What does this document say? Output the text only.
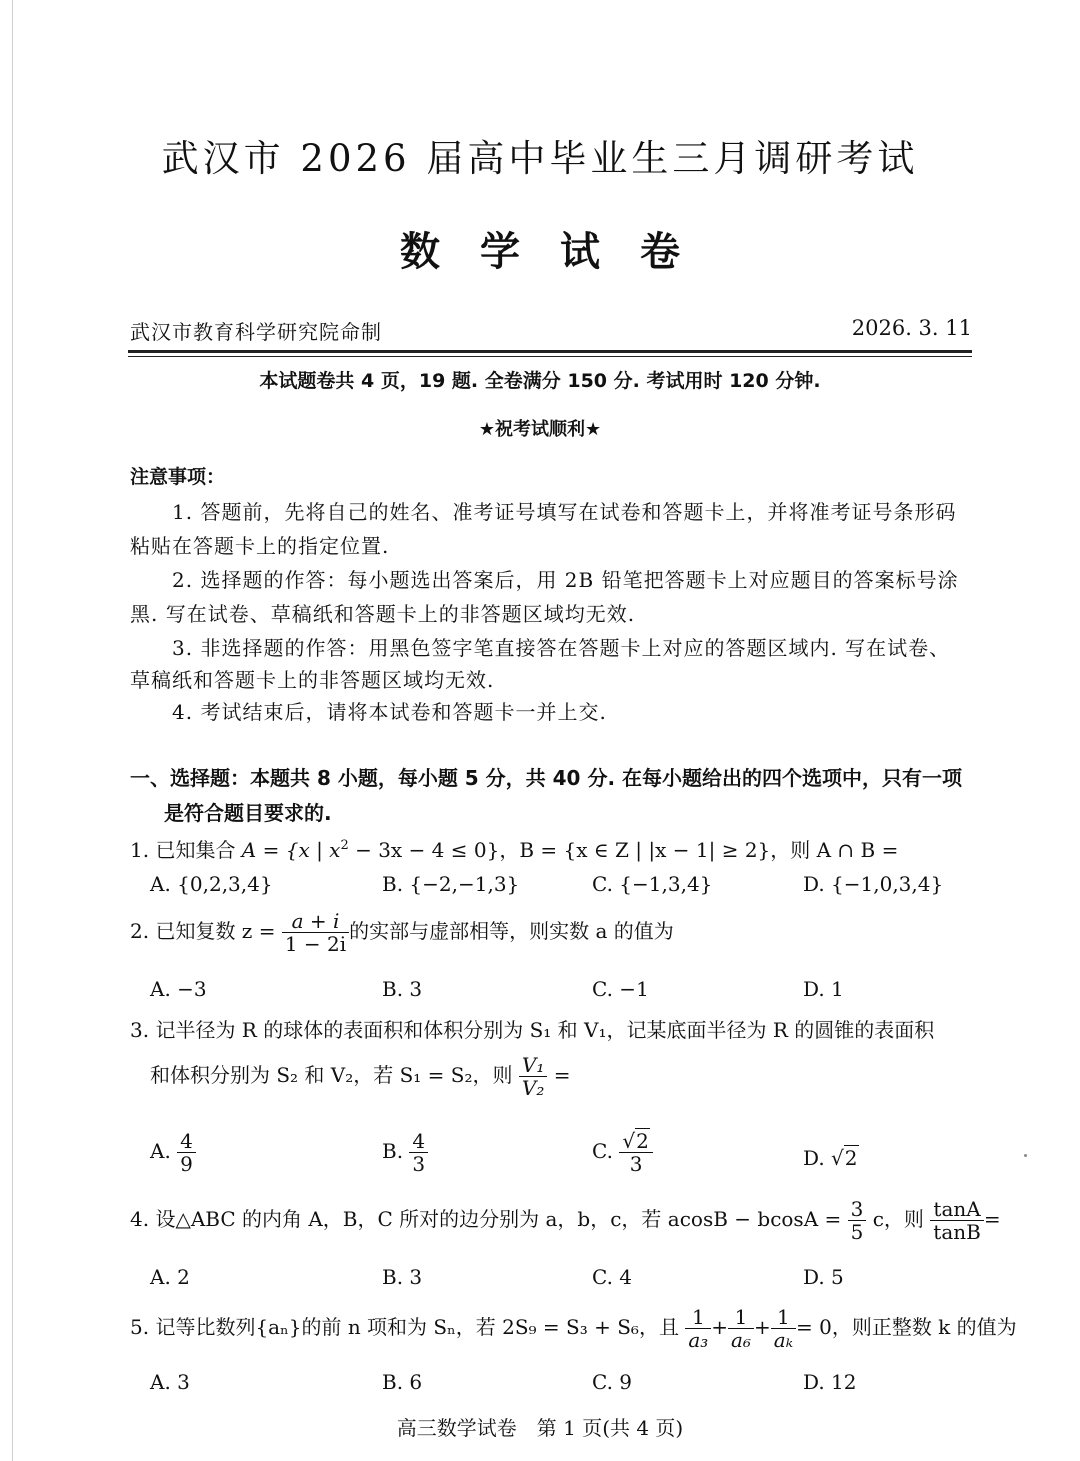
武汉市 2026 届高中毕业生三月调研考试
数学试卷
武汉市教育科学研究院命制	2026. 3. 11
本试题卷共 4 页，19 题. 全卷满分 150 分. 考试用时 120 分钟.
★祝考试顺利★
注意事项：
1. 答题前，先将自己的姓名、准考证号填写在试卷和答题卡上，并将准考证号条形码
粘贴在答题卡上的指定位置.
2. 选择题的作答：每小题选出答案后，用 2B 铅笔把答题卡上对应题目的答案标号涂
黑. 写在试卷、草稿纸和答题卡上的非答题区域均无效.
3. 非选择题的作答：用黑色签字笔直接答在答题卡上对应的答题区域内. 写在试卷、
草稿纸和答题卡上的非答题区域均无效.
4. 考试结束后，请将本试卷和答题卡一并上交.
一、选择题：本题共 8 小题，每小题 5 分，共 40 分. 在每小题给出的四个选项中，只有一项
是符合题目要求的.
1. 已知集合 A = {x | $x^2 - 3x - 4 \le 0$}，B = {x ∈ Z | |x − 1| ≥ 2}，则 A ∩ B =
A. {0,2,3,4}	B. {−2,−1,3}	C. {−1,3,4}	D. {−1,0,3,4}
2. 已知复数 $z = \frac{a + i}{1 - 2i}$ 的实部与虚部相等，则实数 a 的值为
A. −3	B. 3	C. −1	D. 1
3. 记半径为 R 的球体的表面积和体积分别为 S₁ 和 V₁，记某底面半径为 R 的圆锥的表面积
和体积分别为 S₂ 和 V₂，若 S₁ = S₂，则 $\frac{\text{V₁}}{\text{V₂}}$ =
A. $\frac{4}{9}$	B. $\frac{4}{3}$	C. $\frac{√2}{3}$	D. √2
4. 设△ABC 的内角 A，B，C 所对的边分别为 a，b，c，若 $acosB - bcosA = \frac{3}{5}$ c，则 $\frac{\tan A}{\tan B}$ =
A. 2	B. 3	C. 4	D. 5
5. 记等比数列{aₙ}的前 n 项和为 Sₙ，若 2S₉ = S₃ + S₆，且 $\frac{1}{\text{a₃}} + \frac{1}{\text{a₆}} + \frac{1}{\text{aₖ}} = 0$，则正整数 k 的值为
A. 3	B. 6	C. 9	D. 12
高三数学试卷　第 1 页(共 4 页)
